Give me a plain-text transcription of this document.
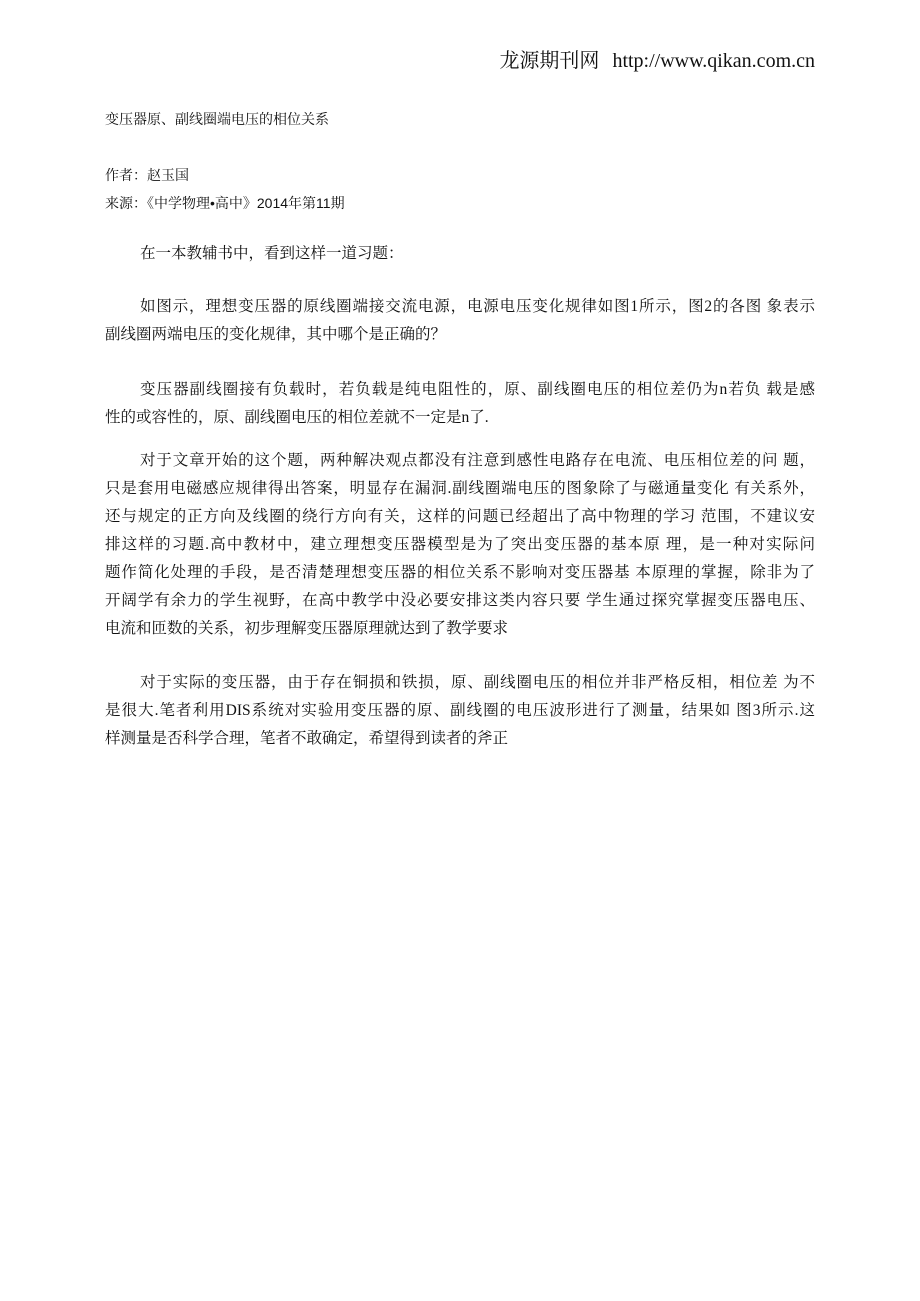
龙源期刊网 http://www.qikan.com.cn
变压器原、副线圈端电压的相位关系
作者：赵玉国
来源：《中学物理•高中》2014年第11期
在一本教辅书中，看到这样一道习题：
如图示，理想变压器的原线圈端接交流电源，电源电压变化规律如图1所示，图2的各图 象表示
副线圈两端电压的变化规律，其中哪个是正确的？
变压器副线圈接有负载时，若负载是纯电阻性的，原、副线圈电压的相位差仍为n若负 载是感
性的或容性的，原、副线圈电压的相位差就不一定是n了.
对于文章开始的这个题，两种解决观点都没有注意到感性电路存在电流、电压相位差的问 题，
只是套用电磁感应规律得出答案，明显存在漏洞.副线圈端电压的图象除了与磁通量变化 有关系外，
还与规定的正方向及线圈的绕行方向有关，这样的问题已经超出了高中物理的学习 范围，不建议安
排这样的习题.高中教材中，建立理想变压器模型是为了突出变压器的基本原 理，是一种对实际问
题作简化处理的手段，是否清楚理想变压器的相位关系不影响对变压器基 本原理的掌握，除非为了
开阔学有余力的学生视野，在高中教学中没必要安排这类内容只要 学生通过探究掌握变压器电压、
电流和匝数的关系，初步理解变压器原理就达到了教学要求
对于实际的变压器，由于存在铜损和铁损，原、副线圈电压的相位并非严格反相，相位差 为不
是很大.笔者利用DIS系统对实验用变压器的原、副线圈的电压波形进行了测量，结果如 图3所示.这
样测量是否科学合理，笔者不敢确定，希望得到读者的斧正
